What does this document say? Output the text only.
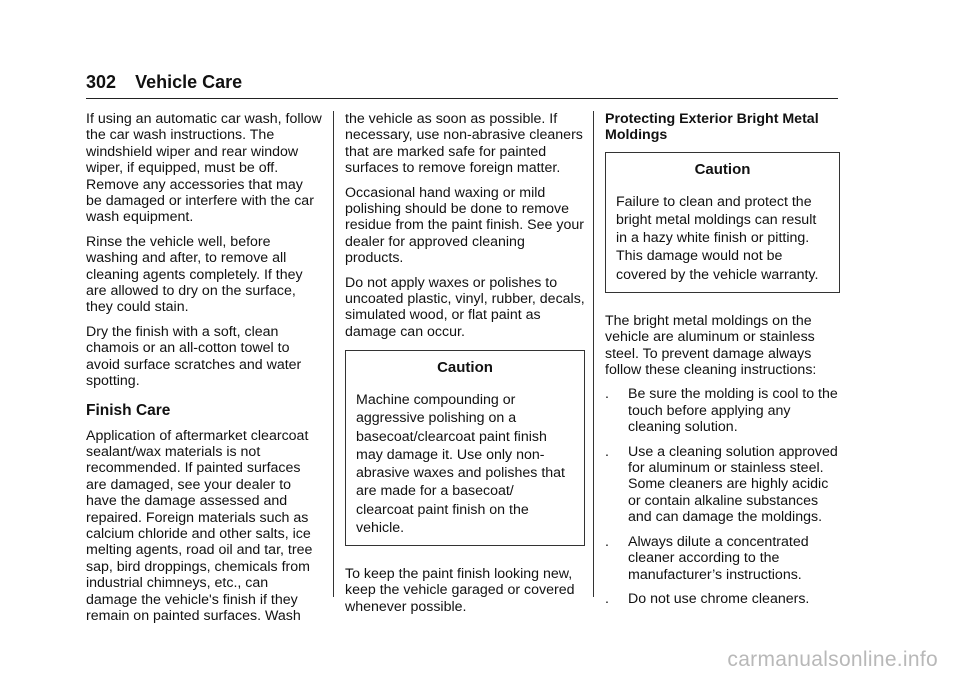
302 Vehicle Care

If using an automatic car wash, follow the car wash instructions. The windshield wiper and rear window wiper, if equipped, must be off. Remove any accessories that may be damaged or interfere with the car wash equipment.

Rinse the vehicle well, before washing and after, to remove all cleaning agents completely. If they are allowed to dry on the surface, they could stain.

Dry the finish with a soft, clean chamois or an all-cotton towel to avoid surface scratches and water spotting.

Finish Care

Application of aftermarket clearcoat sealant/wax materials is not recommended. If painted surfaces are damaged, see your dealer to have the damage assessed and repaired. Foreign materials such as calcium chloride and other salts, ice melting agents, road oil and tar, tree sap, bird droppings, chemicals from industrial chimneys, etc., can damage the vehicle's finish if they remain on painted surfaces. Wash

the vehicle as soon as possible. If necessary, use non-abrasive cleaners that are marked safe for painted surfaces to remove foreign matter.

Occasional hand waxing or mild polishing should be done to remove residue from the paint finish. See your dealer for approved cleaning products.

Do not apply waxes or polishes to uncoated plastic, vinyl, rubber, decals, simulated wood, or flat paint as damage can occur.

Caution
Machine compounding or aggressive polishing on a basecoat/clearcoat paint finish may damage it. Use only non-abrasive waxes and polishes that are made for a basecoat/ clearcoat paint finish on the vehicle.

To keep the paint finish looking new, keep the vehicle garaged or covered whenever possible.

Protecting Exterior Bright Metal Moldings

Caution
Failure to clean and protect the bright metal moldings can result in a hazy white finish or pitting. This damage would not be covered by the vehicle warranty.

The bright metal moldings on the vehicle are aluminum or stainless steel. To prevent damage always follow these cleaning instructions:

. Be sure the molding is cool to the touch before applying any cleaning solution.
. Use a cleaning solution approved for aluminum or stainless steel. Some cleaners are highly acidic or contain alkaline substances and can damage the moldings.
. Always dilute a concentrated cleaner according to the manufacturer’s instructions.
. Do not use chrome cleaners.
carmanualsonline.info
